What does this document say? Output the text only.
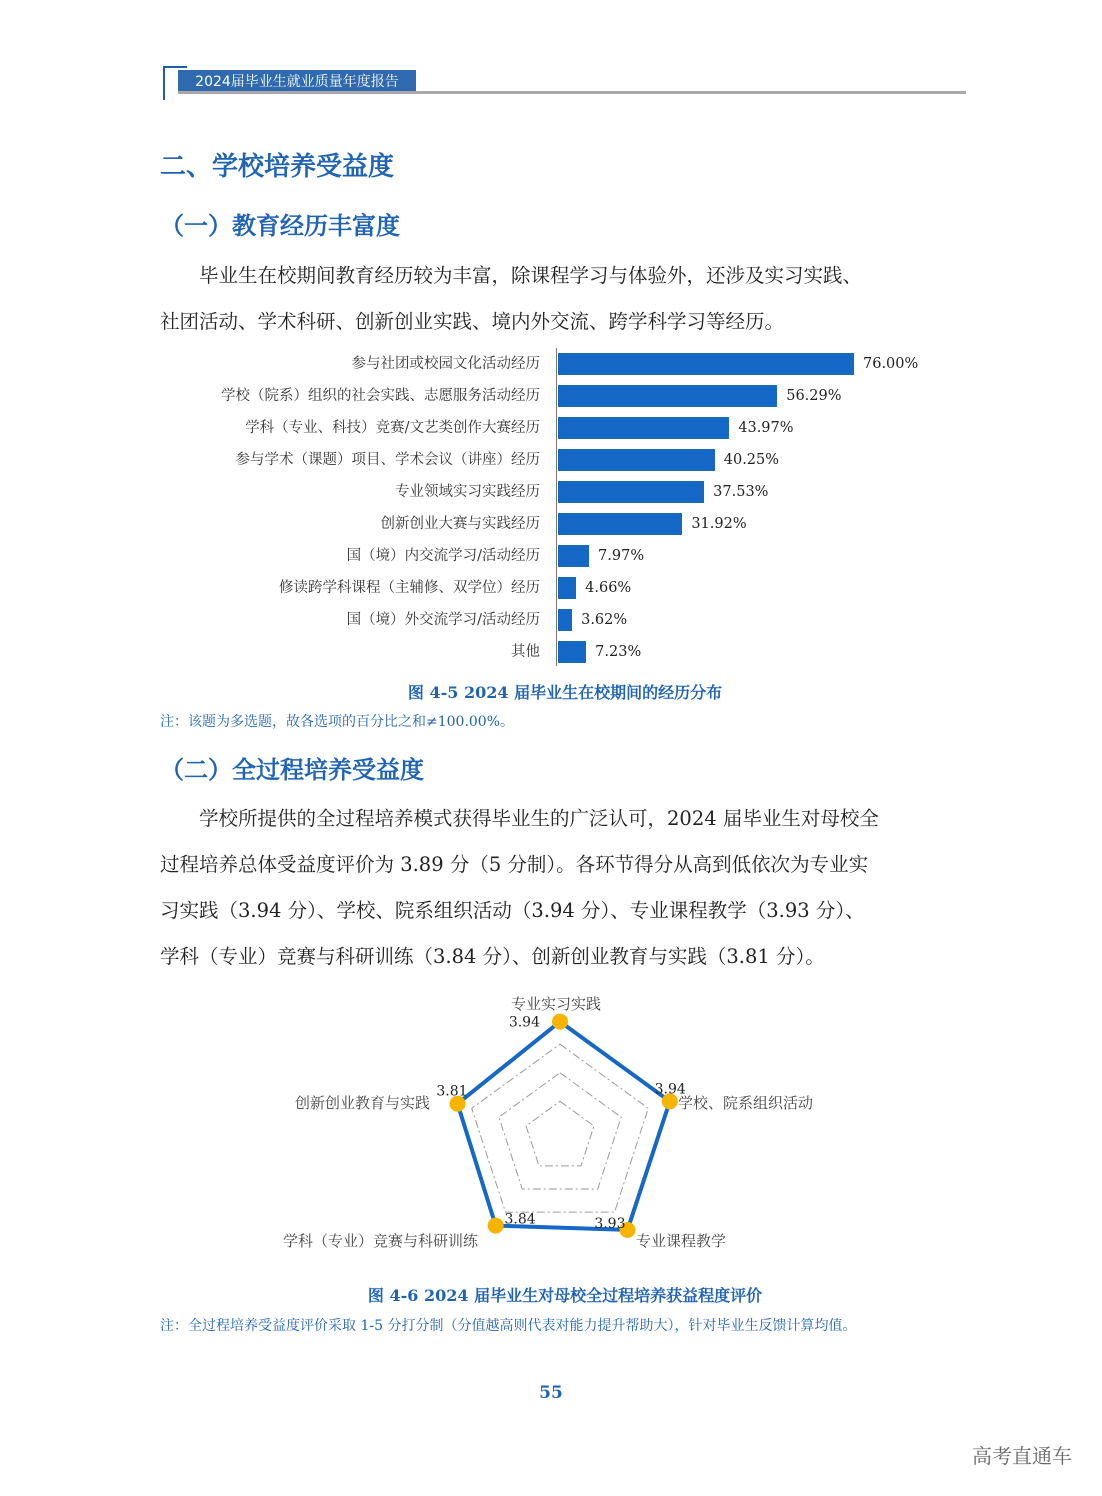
2024届毕业生就业质量年度报告
二、学校培养受益度
（一）教育经历丰富度

毕业生在校期间教育经历较为丰富，除课程学习与体验外，还涉及实习实践、

社团活动、学术科研、创新创业实践、境内外交流、跨学科学习等经历。

参与社团或校园文化活动经历	76.00%
学校（院系）组织的社会实践、志愿服务活动经历	56.29%
学科（专业、科技）竞赛/文艺类创作大赛经历	43.97%
参与学术（课题）项目、学术会议（讲座）经历	40.25%
专业领域实习实践经历	37.53%
创新创业大赛与实践经历	31.92%
国（境）内交流学习/活动经历	7.97%
修读跨学科课程（主辅修、双学位）经历	4.66%
国（境）外交流学习/活动经历	3.62%
其他	7.23%
图 4-5 2024 届毕业生在校期间的经历分布
注：该题为多选题，故各选项的百分比之和≠100.00%。
（二）全过程培养受益度

学校所提供的全过程培养模式获得毕业生的广泛认可，2024 届毕业生对母校全

过程培养总体受益度评价为 3.89 分（5 分制）。各环节得分从高到低依次为专业实

习实践（3.94 分）、学校、院系组织活动（3.94 分）、专业课程教学（3.93 分）、

学科（专业）竞赛与科研训练（3.84 分）、创新创业教育与实践（3.81 分）。

3.94
3.94
3.93
3.84
3.81
专业实习实践
学校、院系组织活动
专业课程教学
学科（专业）竞赛与科研训练
创新创业教育与实践
图 4-6 2024 届毕业生对母校全过程培养获益程度评价
注：全过程培养受益度评价采取 1-5 分打分制（分值越高则代表对能力提升帮助大），针对毕业生反馈计算均值。
55
高考直通车
